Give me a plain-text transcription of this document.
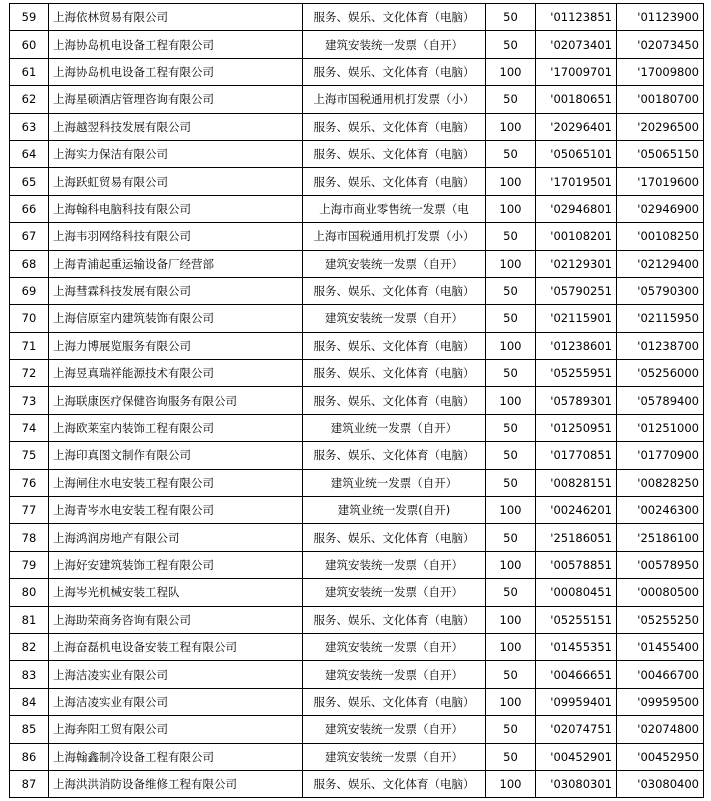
59	上海依林贸易有限公司	服务、娱乐、文化体育（电脑）	50	'01123851	'01123900
60	上海协岛机电设备工程有限公司	建筑安装统一发票（自开）	50	'02073401	'02073450
61	上海协岛机电设备工程有限公司	服务、娱乐、文化体育（电脑）	100	'17009701	'17009800
62	上海星硕酒店管理咨询有限公司	上海市国税通用机打发票（小）	50	'00180651	'00180700
63	上海越翌科技发展有限公司	服务、娱乐、文化体育（电脑）	100	'20296401	'20296500
64	上海实力保洁有限公司	服务、娱乐、文化体育（电脑）	50	'05065101	'05065150
65	上海跃虹贸易有限公司	服务、娱乐、文化体育（电脑）	100	'17019501	'17019600
66	上海翰科电脑科技有限公司	上海市商业零售统一发票（电	100	'02946801	'02946900
67	上海韦羽网络科技有限公司	上海市国税通用机打发票（小）	50	'00108201	'00108250
68	上海青浦起重运输设备厂经营部	建筑安装统一发票（自开）	100	'02129301	'02129400
69	上海彗霖科技发展有限公司	服务、娱乐、文化体育（电脑）	50	'05790251	'05790300
70	上海信原室内建筑装饰有限公司	建筑安装统一发票（自开）	50	'02115901	'02115950
71	上海力博展览服务有限公司	服务、娱乐、文化体育（电脑）	100	'01238601	'01238700
72	上海昱真瑞祥能源技术有限公司	服务、娱乐、文化体育（电脑）	50	'05255951	'05256000
73	上海联康医疗保健咨询服务有限公司	服务、娱乐、文化体育（电脑）	100	'05789301	'05789400
74	上海欧莱室内装饰工程有限公司	建筑业统一发票（自开）	50	'01250951	'01251000
75	上海印真图文制作有限公司	服务、娱乐、文化体育（电脑）	50	'01770851	'01770900
76	上海闸住水电安装工程有限公司	建筑业统一发票（自开）	50	'00828151	'00828250
77	上海青岑水电安装工程有限公司	建筑业统一发票(自开)	100	'00246201	'00246300
78	上海鸿润房地产有限公司	服务、娱乐、文化体育（电脑）	50	'25186051	'25186100
79	上海好安建筑装饰工程有限公司	建筑安装统一发票（自开）	100	'00578851	'00578950
80	上海岑光机械安装工程队	建筑安装统一发票（自开）	50	'00080451	'00080500
81	上海助荣商务咨询有限公司	服务、娱乐、文化体育（电脑）	100	'05255151	'05255250
82	上海奋磊机电设备安装工程有限公司	建筑安装统一发票（自开）	100	'01455351	'01455400
83	上海洁凌实业有限公司	建筑安装统一发票（自开）	50	'00466651	'00466700
84	上海洁凌实业有限公司	服务、娱乐、文化体育（电脑）	100	'09959401	'09959500
85	上海奔阳工贸有限公司	建筑安装统一发票（自开）	50	'02074751	'02074800
86	上海翰鑫制冷设备工程有限公司	建筑安装统一发票（自开）	50	'00452901	'00452950
87	上海洪洪消防设备维修工程有限公司	服务、娱乐、文化体育（电脑）	100	'03080301	'03080400
